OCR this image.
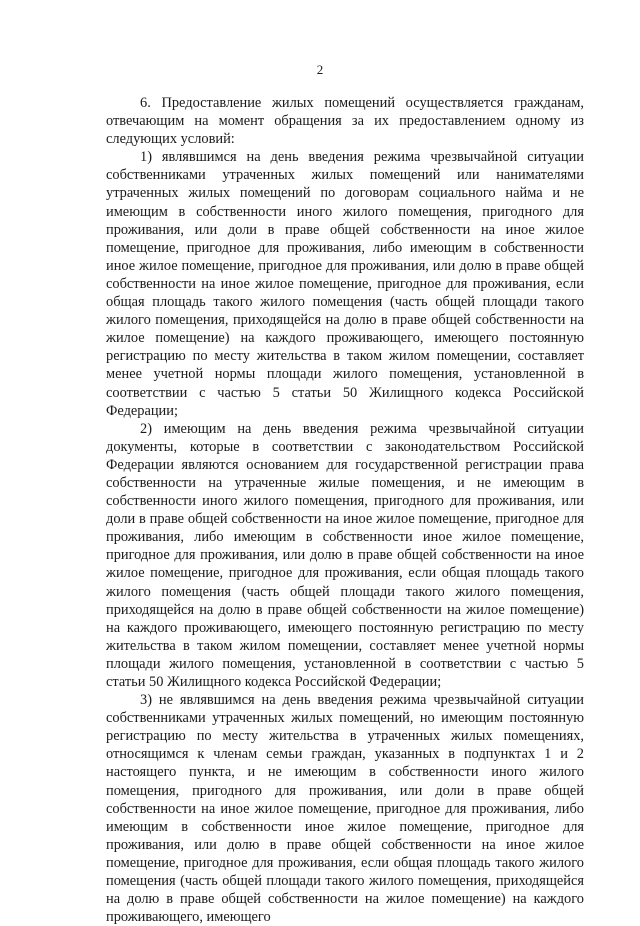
2

6. Предоставление жилых помещений осуществляется гражданам, отвечающим на момент обращения за их предоставлением одному из следующих условий:

1) являвшимся на день введения режима чрезвычайной ситуации собственниками утраченных жилых помещений или нанимателями утраченных жилых помещений по договорам социального найма и не имеющим в собственности иного жилого помещения, пригодного для проживания, или доли в праве общей собственности на иное жилое помещение, пригодное для проживания, либо имеющим в собственности иное жилое помещение, пригодное для проживания, или долю в праве общей собственности на иное жилое помещение, пригодное для проживания, если общая площадь такого жилого помещения (часть общей площади такого жилого помещения, приходящейся на долю в праве общей собственности на жилое помещение) на каждого проживающего, имеющего постоянную регистрацию по месту жительства в таком жилом помещении, составляет менее учетной нормы площади жилого помещения, установленной в соответствии с частью 5 статьи 50 Жилищного кодекса Российской Федерации;

2) имеющим на день введения режима чрезвычайной ситуации документы, которые в соответствии с законодательством Российской Федерации являются основанием для государственной регистрации права собственности на утраченные жилые помещения, и не имеющим в собственности иного жилого помещения, пригодного для проживания, или доли в праве общей собственности на иное жилое помещение, пригодное для проживания, либо имеющим в собственности иное жилое помещение, пригодное для проживания, или долю в праве общей собственности на иное жилое помещение, пригодное для проживания, если общая площадь такого жилого помещения (часть общей площади такого жилого помещения, приходящейся на долю в праве общей собственности на жилое помещение) на каждого проживающего, имеющего постоянную регистрацию по месту жительства в таком жилом помещении, составляет менее учетной нормы площади жилого помещения, установленной в соответствии с частью 5 статьи 50 Жилищного кодекса Российской Федерации;

3) не являвшимся на день введения режима чрезвычайной ситуации собственниками утраченных жилых помещений, но имеющим постоянную регистрацию по месту жительства в утраченных жилых помещениях, относящимся к членам семьи граждан, указанных в подпунктах 1 и 2 настоящего пункта, и не имеющим в собственности иного жилого помещения, пригодного для проживания, или доли в праве общей собственности на иное жилое помещение, пригодное для проживания, либо имеющим в собственности иное жилое помещение, пригодное для проживания, или долю в праве общей собственности на иное жилое помещение, пригодное для проживания, если общая площадь такого жилого помещения (часть общей площади такого жилого помещения, приходящейся на долю в праве общей собственности на жилое помещение) на каждого проживающего, имеющего
